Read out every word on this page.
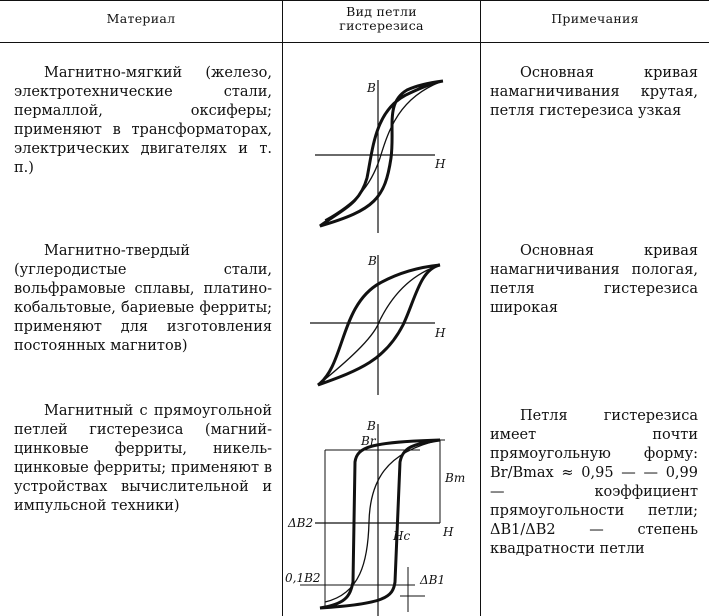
Материал	Вид петли
гистерезиса	Примечания
Магнитно-мягкий (железо, электротехнические стали, пермаллой, оксиферы; применяют в трансформаторах, электрических двигателях и т. п.)
Основная кривая намагничивания крутая, петля гистерезиса узкая
B
H
Магнитно-твердый (углеродистые стали, вольфрамовые сплавы, платино-кобальтовые, бариевые ферриты; применяют для изготовления постоянных магнитов)
Основная кривая намагничивания пологая, петля гистерезиса широкая
B
H
Магнитный с прямоугольной петлей гистерезиса (магний-цинковые ферриты, никель-цинковые ферриты; применяют в устройствах вычислительной и импульсной техники)
Петля гистерезиса имеет почти прямоугольную форму: Br/Bmax ≈ 0,95 — — 0,99 — коэффициент прямоугольности петли; ΔB1/ΔB2 — степень квадратности петли
B
Br
Bm
H
Hc
ΔB2
ΔB1
0,1B2
